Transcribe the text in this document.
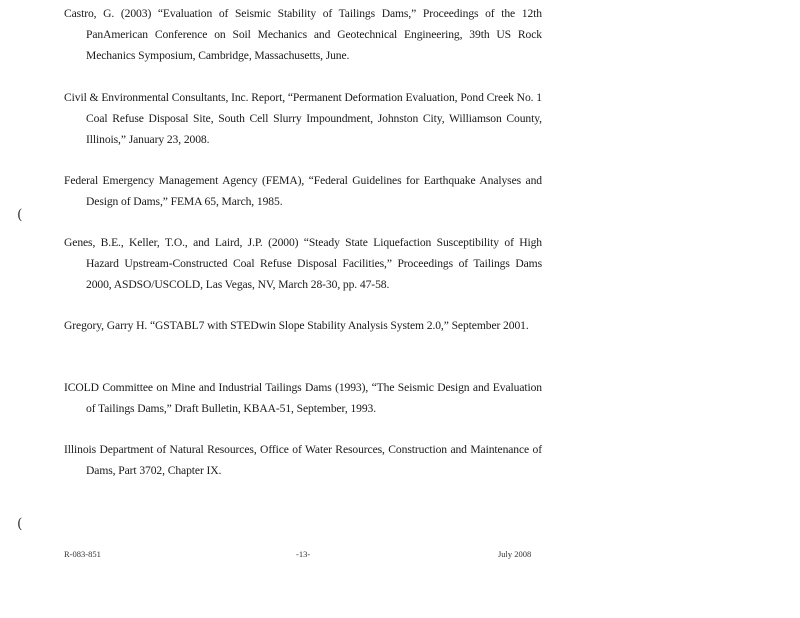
Castro, G. (2003) “Evaluation of Seismic Stability of Tailings Dams,” Proceedings of the 12th PanAmerican Conference on Soil Mechanics and Geotechnical Engineering, 39th US Rock Mechanics Symposium, Cambridge, Massachusetts, June.

Civil & Environmental Consultants, Inc. Report, “Permanent Deformation Evaluation, Pond Creek No. 1 Coal Refuse Disposal Site, South Cell Slurry Impoundment, Johnston City, Williamson County, Illinois,” January 23, 2008.

Federal Emergency Management Agency (FEMA), “Federal Guidelines for Earthquake Analyses and Design of Dams,” FEMA 65, March, 1985.

Genes, B.E., Keller, T.O., and Laird, J.P. (2000) “Steady State Liquefaction Susceptibility of High Hazard Upstream-Constructed Coal Refuse Disposal Facilities,” Proceedings of Tailings Dams 2000, ASDSO/USCOLD, Las Vegas, NV, March 28-30, pp. 47-58.

Gregory, Garry H. “GSTABL7 with STEDwin Slope Stability Analysis System 2.0,” September 2001.

ICOLD Committee on Mine and Industrial Tailings Dams (1993), “The Seismic Design and Evaluation of Tailings Dams,” Draft Bulletin, KBAA-51, September, 1993.

Illinois Department of Natural Resources, Office of Water Resources, Construction and Maintenance of Dams, Part 3702, Chapter IX.

(
(
R-083-851	-13-	July 2008
